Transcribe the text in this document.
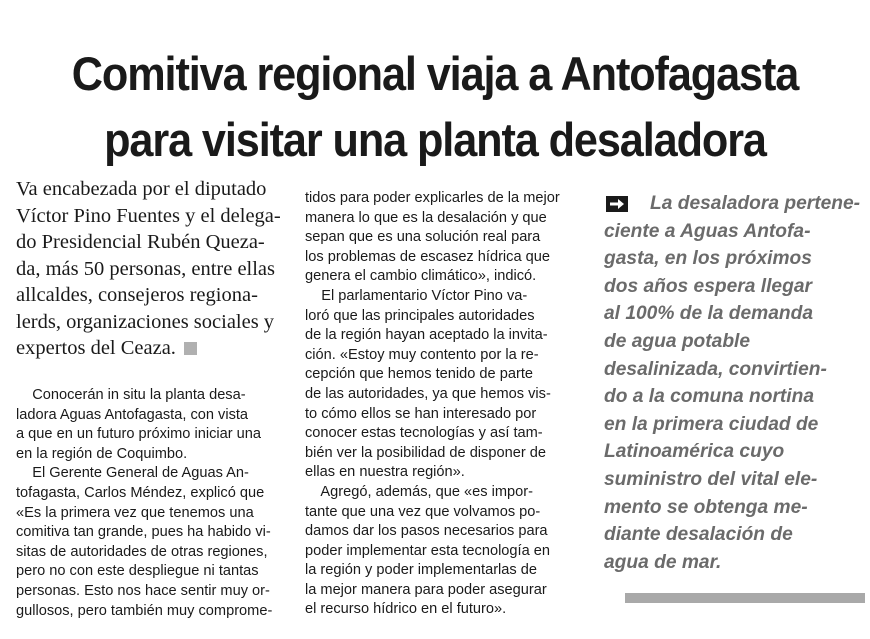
Comitiva regional viaja a Antofagasta
para visitar una planta desaladora
Va encabezada por el diputado
Víctor Pino Fuentes y el delega-
do Presidencial Rubén Queza-
da, más 50 personas, entre ellas
allcaldes, consejeros regiona-
lerds, organizaciones sociales y
expertos del Ceaza.
Conocerán in situ la planta desa-
ladora Aguas Antofagasta, con vista
a que en un futuro próximo iniciar una
en la región de Coquimbo.
El Gerente General de Aguas An-
tofagasta, Carlos Méndez, explicó que
«Es la primera vez que tenemos una
comitiva tan grande, pues ha habido vi-
sitas de autoridades de otras regiones,
pero no con este despliegue ni tantas
personas. Esto nos hace sentir muy or-
gullosos, pero también muy comprome-
tidos para poder explicarles de la mejor
manera lo que es la desalación y que
sepan que es una solución real para
los problemas de escasez hídrica que
genera el cambio climático», indicó.
El parlamentario Víctor Pino va-
loró que las principales autoridades
de la región hayan aceptado la invita-
ción. «Estoy muy contento por la re-
cepción que hemos tenido de parte
de las autoridades, ya que hemos vis-
to cómo ellos se han interesado por
conocer estas tecnologías y así tam-
bién ver la posibilidad de disponer de
ellas en nuestra región».
Agregó, además, que «es impor-
tante que una vez que volvamos po-
damos dar los pasos necesarios para
poder implementar esta tecnología en
la región y poder implementarlas de
la mejor manera para poder asegurar
el recurso hídrico en el futuro».
La desaladora pertene-
ciente a Aguas Antofa-
gasta, en los próximos
dos años espera llegar
al 100% de la demanda
de agua potable
desalinizada, convirtien-
do a la comuna nortina
en la primera ciudad de
Latinoamérica cuyo
suministro del vital ele-
mento se obtenga me-
diante desalación de
agua de mar.
